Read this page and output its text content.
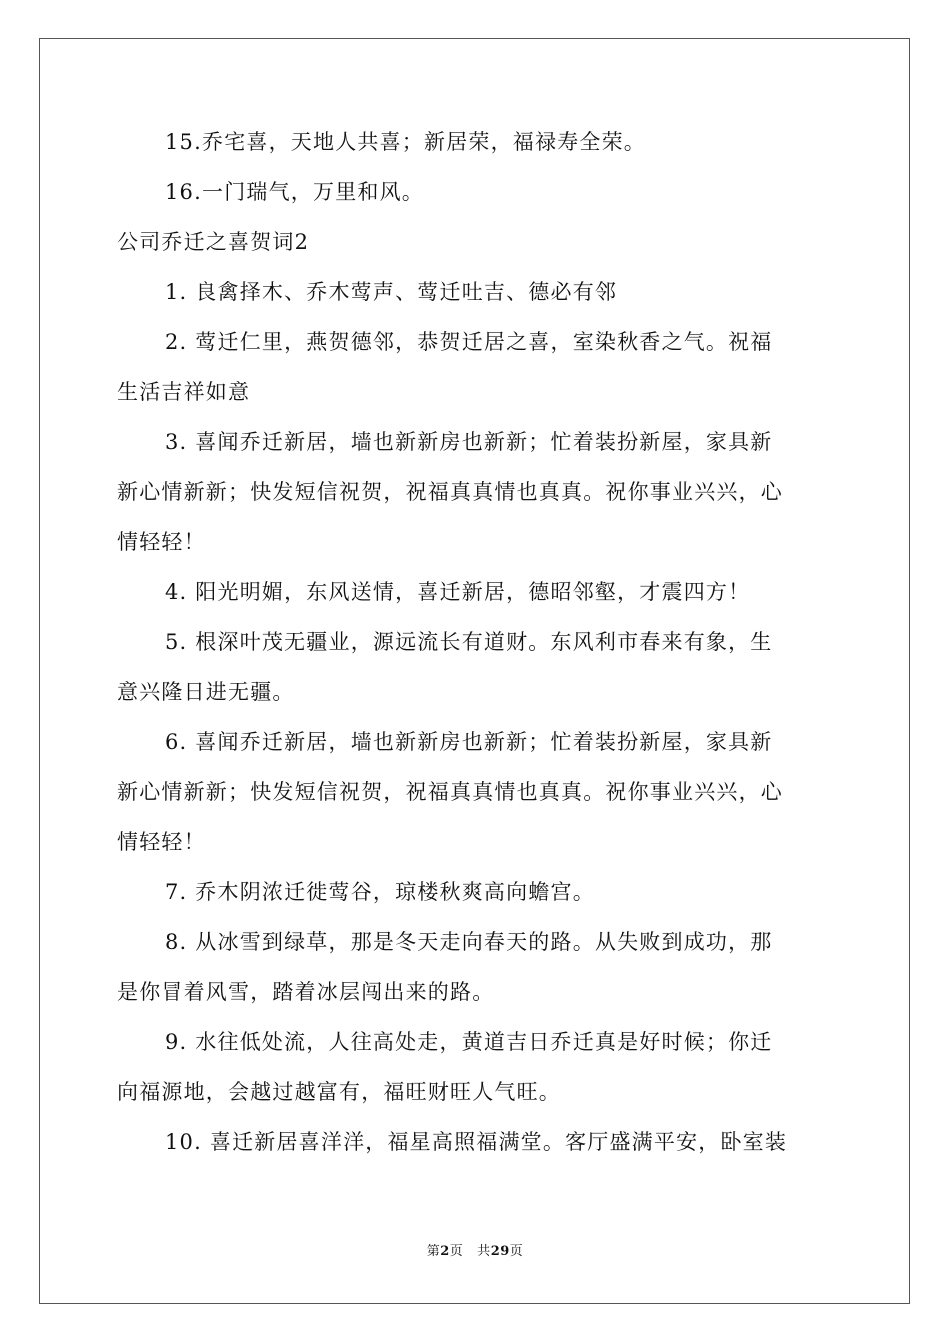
15.乔宅喜，天地人共喜；新居荣，福禄寿全荣。
16.一门瑞气，万里和风。
公司乔迁之喜贺词2
1. 良禽择木、乔木莺声、莺迁吐吉、德必有邻
2. 莺迁仁里，燕贺德邻，恭贺迁居之喜，室染秋香之气。祝福
生活吉祥如意
3. 喜闻乔迁新居，墙也新新房也新新；忙着装扮新屋，家具新
新心情新新；快发短信祝贺，祝福真真情也真真。祝你事业兴兴，心
情轻轻！
4. 阳光明媚，东风送情，喜迁新居，德昭邻壑，才震四方！
5. 根深叶茂无疆业，源远流长有道财。东风利市春来有象，生
意兴隆日进无疆。
6. 喜闻乔迁新居，墙也新新房也新新；忙着装扮新屋，家具新
新心情新新；快发短信祝贺，祝福真真情也真真。祝你事业兴兴，心
情轻轻！
7. 乔木阴浓迁徙莺谷，琼楼秋爽高向蟾宫。
8. 从冰雪到绿草，那是冬天走向春天的路。从失败到成功，那
是你冒着风雪，踏着冰层闯出来的路。
9. 水往低处流，人往高处走，黄道吉日乔迁真是好时候；你迁
向福源地，会越过越富有，福旺财旺人气旺。
10. 喜迁新居喜洋洋，福星高照福满堂。客厅盛满平安，卧室装
第2页 共29页
